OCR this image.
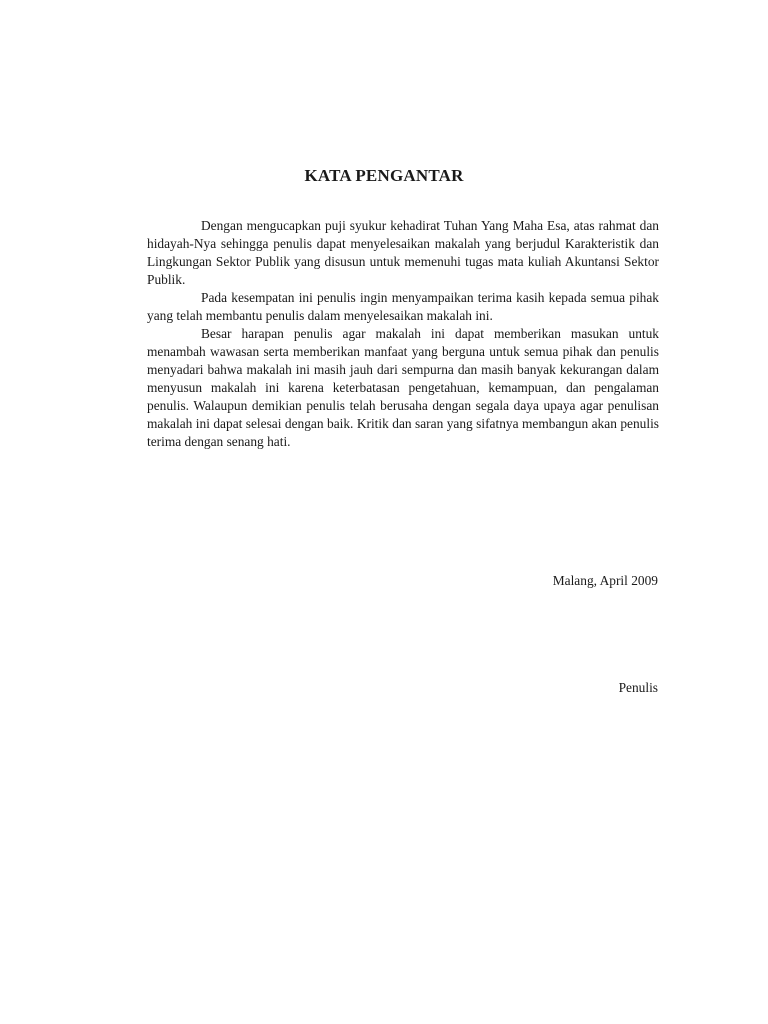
KATA PENGANTAR

Dengan mengucapkan puji syukur kehadirat Tuhan Yang Maha Esa, atas rahmat dan hidayah-Nya sehingga penulis dapat menyelesaikan makalah yang berjudul Karakteristik dan Lingkungan Sektor Publik yang disusun untuk memenuhi tugas mata kuliah Akuntansi Sektor Publik.

Pada kesempatan ini penulis ingin menyampaikan terima kasih kepada semua pihak yang telah membantu penulis dalam menyelesaikan makalah ini.

Besar harapan penulis agar makalah ini dapat memberikan masukan untuk menambah wawasan serta memberikan manfaat yang berguna untuk semua pihak dan penulis menyadari bahwa makalah ini masih jauh dari sempurna dan masih banyak kekurangan dalam menyusun makalah ini karena keterbatasan pengetahuan, kemampuan, dan pengalaman penulis. Walaupun demikian penulis telah berusaha dengan segala daya upaya agar penulisan makalah ini dapat selesai dengan baik. Kritik dan saran yang sifatnya membangun akan penulis terima dengan senang hati.

Malang, April 2009

Penulis
